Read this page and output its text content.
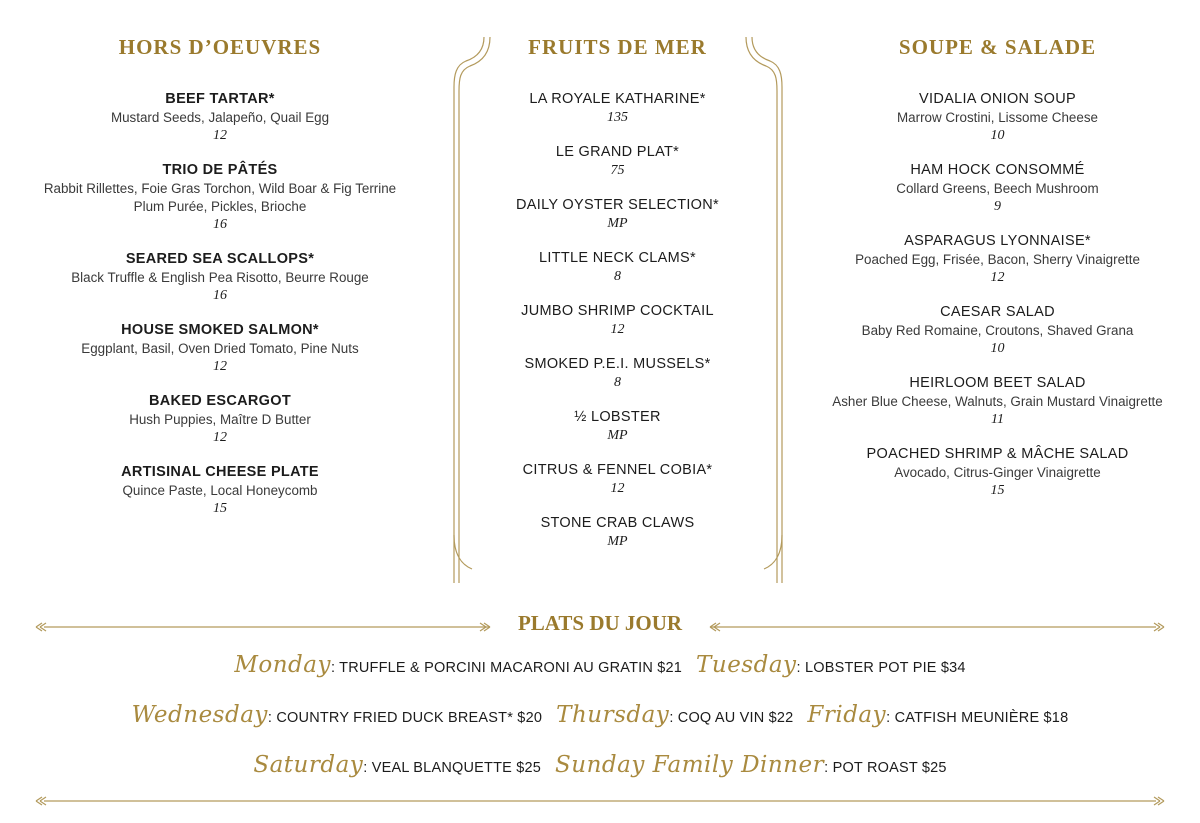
HORS D’OEUVRES
BEEF TARTAR*
Mustard Seeds, Jalapeño, Quail Egg
12
TRIO DE PÂTÉS
Rabbit Rillettes, Foie Gras Torchon, Wild Boar & Fig Terrine
Plum Purée, Pickles, Brioche
16
SEARED SEA SCALLOPS*
Black Truffle & English Pea Risotto, Beurre Rouge
16
HOUSE SMOKED SALMON*
Eggplant, Basil, Oven Dried Tomato, Pine Nuts
12
BAKED ESCARGOT
Hush Puppies, Maître D Butter
12
ARTISINAL CHEESE PLATE
Quince Paste, Local Honeycomb
15
FRUITS DE MER
LA ROYALE KATHARINE*
135
LE GRAND PLAT*
75
DAILY OYSTER SELECTION*
MP
LITTLE NECK CLAMS*
8
JUMBO SHRIMP COCKTAIL
12
SMOKED P.E.I. MUSSELS*
8
½ LOBSTER
MP
CITRUS & FENNEL COBIA*
12
STONE CRAB CLAWS
MP
SOUPE & SALADE
VIDALIA ONION SOUP
Marrow Crostini, Lissome Cheese
10
HAM HOCK CONSOMMÉ
Collard Greens, Beech Mushroom
9
ASPARAGUS LYONNAISE*
Poached Egg, Frisée, Bacon, Sherry Vinaigrette
12
CAESAR SALAD
Baby Red Romaine, Croutons, Shaved Grana
10
HEIRLOOM BEET SALAD
Asher Blue Cheese, Walnuts, Grain Mustard Vinaigrette
11
POACHED SHRIMP & MÂCHE SALAD
Avocado, Citrus-Ginger Vinaigrette
15
PLATS DU JOUR
Monday: TRUFFLE & PORCINI MACARONI AU GRATIN $21 Tuesday: LOBSTER POT PIE $34
Wednesday: COUNTRY FRIED DUCK BREAST* $20 Thursday: COQ AU VIN $22 Friday: CATFISH MEUNIÈRE $18
Saturday: VEAL BLANQUETTE $25 Sunday Family Dinner: POT ROAST $25
